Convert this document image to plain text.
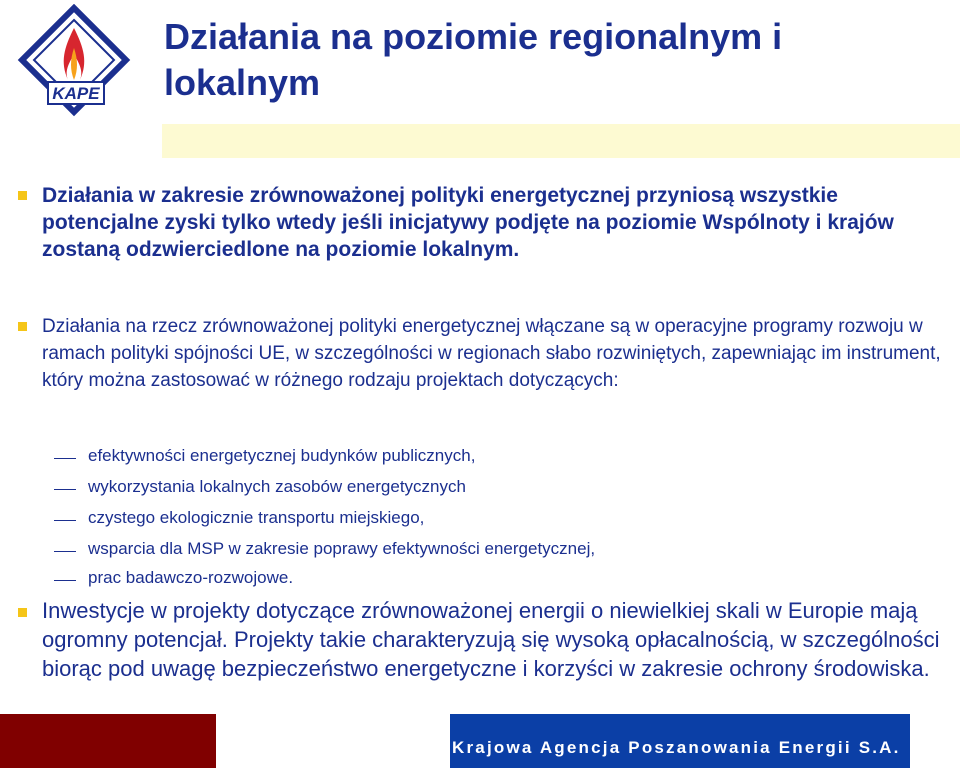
KAPE
Działania na poziomie regionalnym i lokalnym

Działania w zakresie zrównoważonej polityki energetycznej przyniosą wszystkie potencjalne zyski tylko wtedy jeśli inicjatywy podjęte na poziomie Wspólnoty i krajów zostaną odzwierciedlone na poziomie lokalnym.

Działania na rzecz zrównoważonej polityki energetycznej włączane są w operacyjne programy rozwoju w ramach polityki spójności UE, w szczególności w regionach słabo rozwiniętych, zapewniając im instrument, który można zastosować w różnego rodzaju projektach dotyczących:

efektywności energetycznej budynków publicznych,

wykorzystania lokalnych zasobów energetycznych

czystego ekologicznie transportu miejskiego,

wsparcia dla MSP w zakresie poprawy efektywności energetycznej,

prac badawczo-rozwojowe.

Inwestycje w projekty dotyczące zrównoważonej energii o niewielkiej skali w Europie mają ogromny potencjał. Projekty takie charakteryzują się wysoką opłacalnością, w szczególności biorąc pod uwagę bezpieczeństwo energetyczne i korzyści w zakresie ochrony środowiska.

Krajowa Agencja Poszanowania Energii S.A.
